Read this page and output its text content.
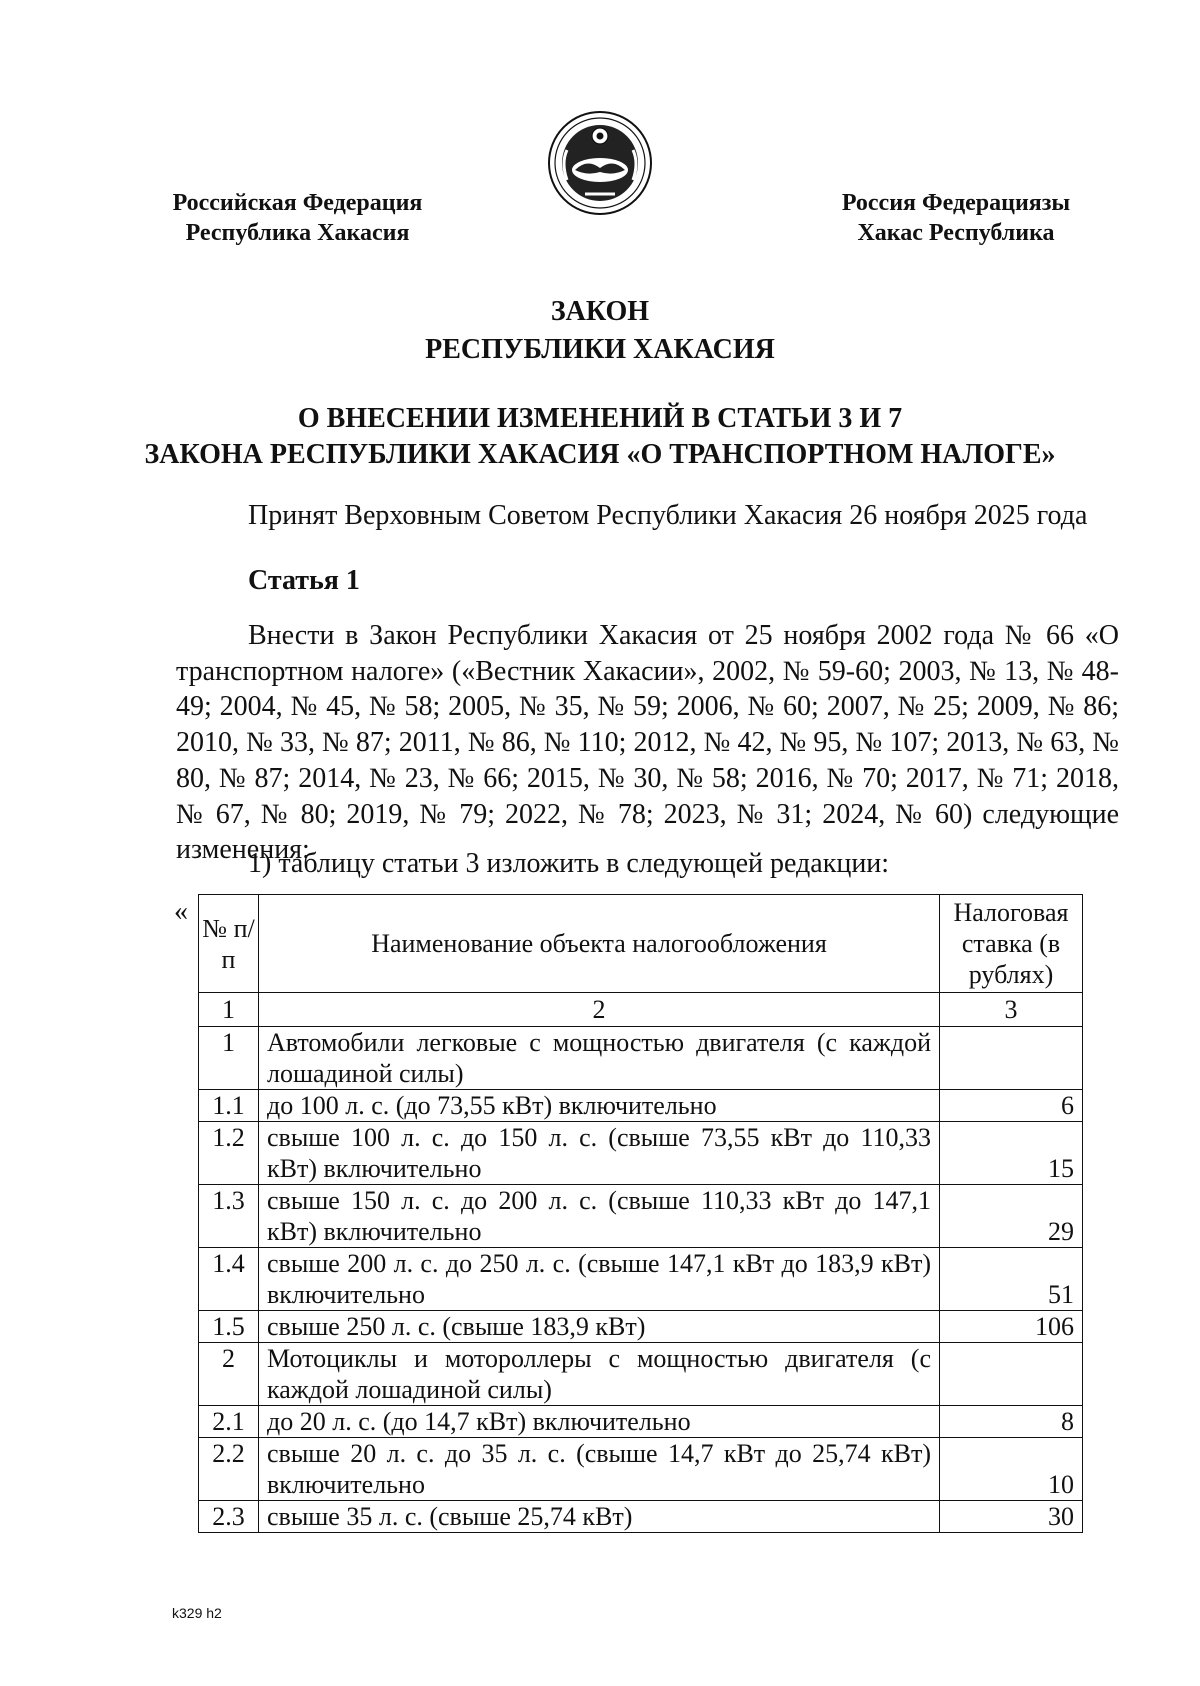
Российская Федерация
Республика Хакасия
Россия Федерациязы
Хакас Республика
ЗАКОН
РЕСПУБЛИКИ ХАКАСИЯ
О ВНЕСЕНИИ ИЗМЕНЕНИЙ В СТАТЬИ 3 И 7
ЗАКОНА РЕСПУБЛИКИ ХАКАСИЯ «О ТРАНСПОРТНОМ НАЛОГЕ»
Принят Верховным Советом Республики Хакасия 26 ноября 2025 года
Статья 1
Внести в Закон Республики Хакасия от 25 ноября 2002 года № 66 «О транспортном налоге» («Вестник Хакасии», 2002, № 59-60; 2003, № 13, № 48-49; 2004, № 45, № 58; 2005, № 35, № 59; 2006, № 60; 2007, № 25; 2009, № 86; 2010, № 33, № 87; 2011, № 86, № 110; 2012, № 42, № 95, № 107; 2013, № 63, № 80, № 87; 2014, № 23, № 66; 2015, № 30, № 58; 2016, № 70; 2017, № 71; 2018, № 67, № 80; 2019, № 79; 2022, № 78; 2023, № 31; 2024, № 60) следующие изменения:
1) таблицу статьи 3 изложить в следующей редакции:
«
№ п/п	Наименование объекта налогообложения	Налоговая ставка (в рублях)
1	2	3
1	Автомобили легковые с мощностью двигателя (с каждой лошадиной силы)	
1.1	до 100 л. с. (до 73,55 кВт) включительно	6
1.2	свыше 100 л. с. до 150 л. с. (свыше 73,55 кВт до 110,33 кВт) включительно	15
1.3	свыше 150 л. с. до 200 л. с. (свыше 110,33 кВт до 147,1 кВт) включительно	29
1.4	свыше 200 л. с. до 250 л. с. (свыше 147,1 кВт до 183,9 кВт) включительно	51
1.5	свыше 250 л. с. (свыше 183,9 кВт)	106
2	Мотоциклы и мотороллеры с мощностью двигателя (с каждой лошадиной силы)	
2.1	до 20 л. с. (до 14,7 кВт) включительно	8
2.2	свыше 20 л. с. до 35 л. с. (свыше 14,7 кВт до 25,74 кВт) включительно	10
2.3	свыше 35 л. с. (свыше 25,74 кВт)	30
k329 h2
